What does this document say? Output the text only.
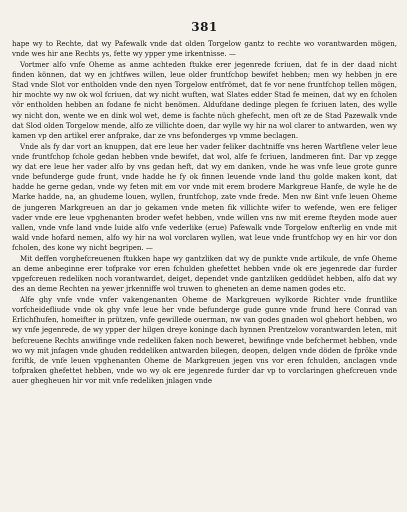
381

hape wy to Rechte, dat wy Pafewalk vnde dat olden Torgelow gantz to rechte wo vorantwarden mögen, vnde wes hir ane Rechts ys, fette wy ypper yme irkentnisse. —

Vortmer alfo vnfe Oheme as anme achteden ftukke erer jegenrede fcriuen, dat fe in der daad nicht finden können, dat wy en jchtfwes willen, leue older fruntfchop bewifet hebben; men wy hebben jn ere Stad vnde Slot vor entholden vnde den nyen Torgelow entfrömet, dat fe vor nene fruntfchop tellen mögen, hir mochte wy nw ok wol fcriuen, dat wy nicht wuften, wat Slates edder Stad fe meinen, dat wy en fcholen vör entholden hebben an fodane fe nicht benömen. Aldufdane dedinge plegen fe fcriuen laten, des wylle wy nicht don, wente we en dink wol wet, deme is fachte nüch ghefecht, men oft ze de Stad Pazewalk vnde dat Slod olden Torgelow mende, alfo ze villichte doen, dar wylle wy hir na wol clarer to antwarden, wen wy kamen vp den artikel erer anfprake, dar ze vns befonderges vp vmme beclagen.

Vnde als fy dar vort an knuppen, dat ere leue her vader feliker dachtniffe vns heren Wartflene veler leue vnde fruntfchop fchole gedan hebben vnde bewifet, dat wol, alfe fe fcriuen, landmeren fint. Dar vp zegge wy dat ere leue her vader alfo by vns gedan heft, dat wy em danken, vnde he was vnfe leue grote gunre vnde befunderge gude frunt, vnde hadde he fy ok finnen leuende vnde land thu golde maken kont, dat hadde he gerne gedan, vnde wy feten mit em vor vnde mit erem brodere Markgreue Hanfe, de wyle he de Marke hadde, na, an ghudeme louen, wyllen, fruntfchop, zate vnde frede. Men nw ßint vnfe leuen Oheme de jungeren Markgreuen an dar jo gekamen vnde meten fik villichte wifer to wefende, wen ere feliger vader vnde ere leue vpghenanten broder wefet hebben, vnde willen vns nw mit ereme fteyden mode auer vallen, vnde vnfe land vnde luide alfo vnfe vederlike (erue) Pafewalk vnde Torgelow enfterlig en vnde mit wald vnde hofard nemen, alfo wy hir na wol vorclaren wyllen, wat leue vnde fruntfchop wy en hir vor don fcholen, des kone wy nicht begripen. —

Mit deffen vorghefcreuenen ftukken hape wy gantzliken dat wy de punkte vnde artikule, de vnfe Oheme an deme anbeginne erer tofprake vor eren fchulden ghefettet hebben vnde ok ere jegenrede dar furder vpgefcreuen redeliken noch vorantwardet, deiget, dependet vnde gantzliken geddüdet hebben, alfo dat wy des an deme Rechten na yewer jrkenniffe wol truwen to gheneten an deme namen godes etc.

Alfe ghy vnfe vnde vnfer vakengenanten Oheme de Markgreuen wylkorde Richter vnde fruntlike vorfcheidefliude vnde ok ghy vnfe leue her vnde befunderge gude gunre vnde frund here Conrad van Erlichfhufen, homeifter in prützen, vnfe gewillede ouerman, nw van godes gnaden wol ghehort hebben, wo wy vnfe jegenrede, de wy ypper der hilgen dreye koninge dach hynnen Prentzelow vorantwarden leten, mit befcreuene Rechts anwifinge vnde redeliken faken noch beweret, bewifinge vnde befchermet hebben, vnde wo wy mit jnfagen vnde ghuden reddeliken antwarden bilegen, deopen, delgen vnde döden de fprôke vnde fcriftk, de vnfe leuen vpghenanten Oheme de Markgreuen jegen vns vor eren fchulden, anclagen vnde tofpraken ghefettet hebben, vnde wo wy ok ere jegenrede furder dar vp to vorclaringen ghefcreuen vnde auer ghegheuen hir vor mit vnfe redeliken jnlagen vnde
